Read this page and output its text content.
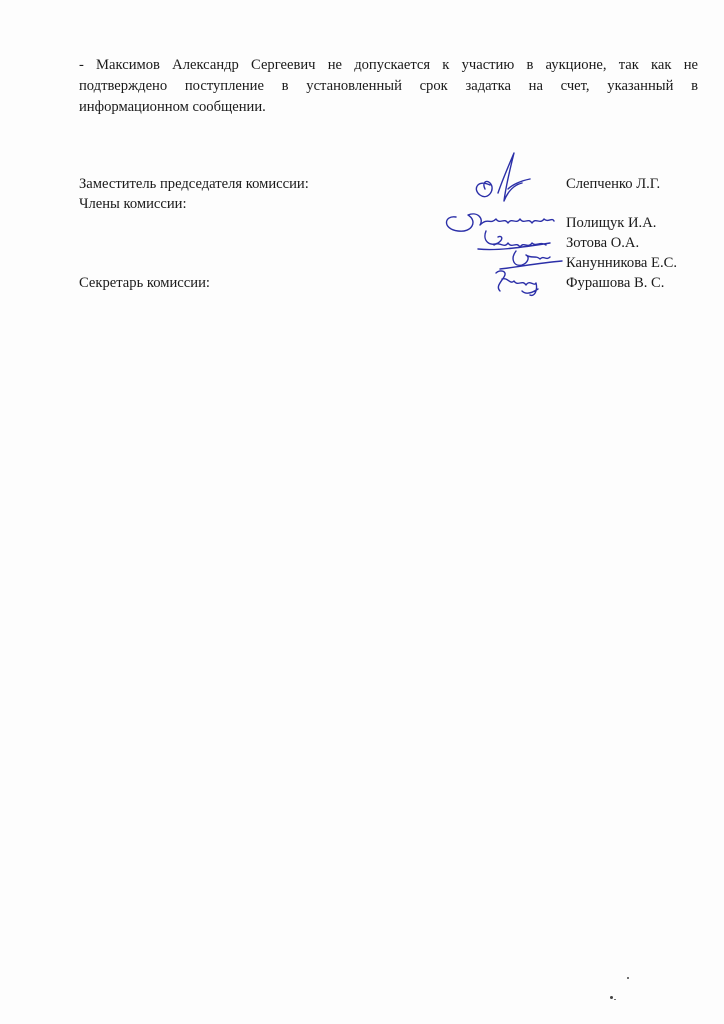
- Максимов Александр Сергеевич не допускается к участию в аукционе, так как не
подтверждено поступление в установленный срок задатка на счет, указанный в
информационном сообщении.
Заместитель председателя комиссии:	Слепченко Л.Г.
Члены комиссии:
Полищук И.А.
Зотова О.А.
Канунникова Е.С.
Секретарь комиссии:	Фурашова В. С.
